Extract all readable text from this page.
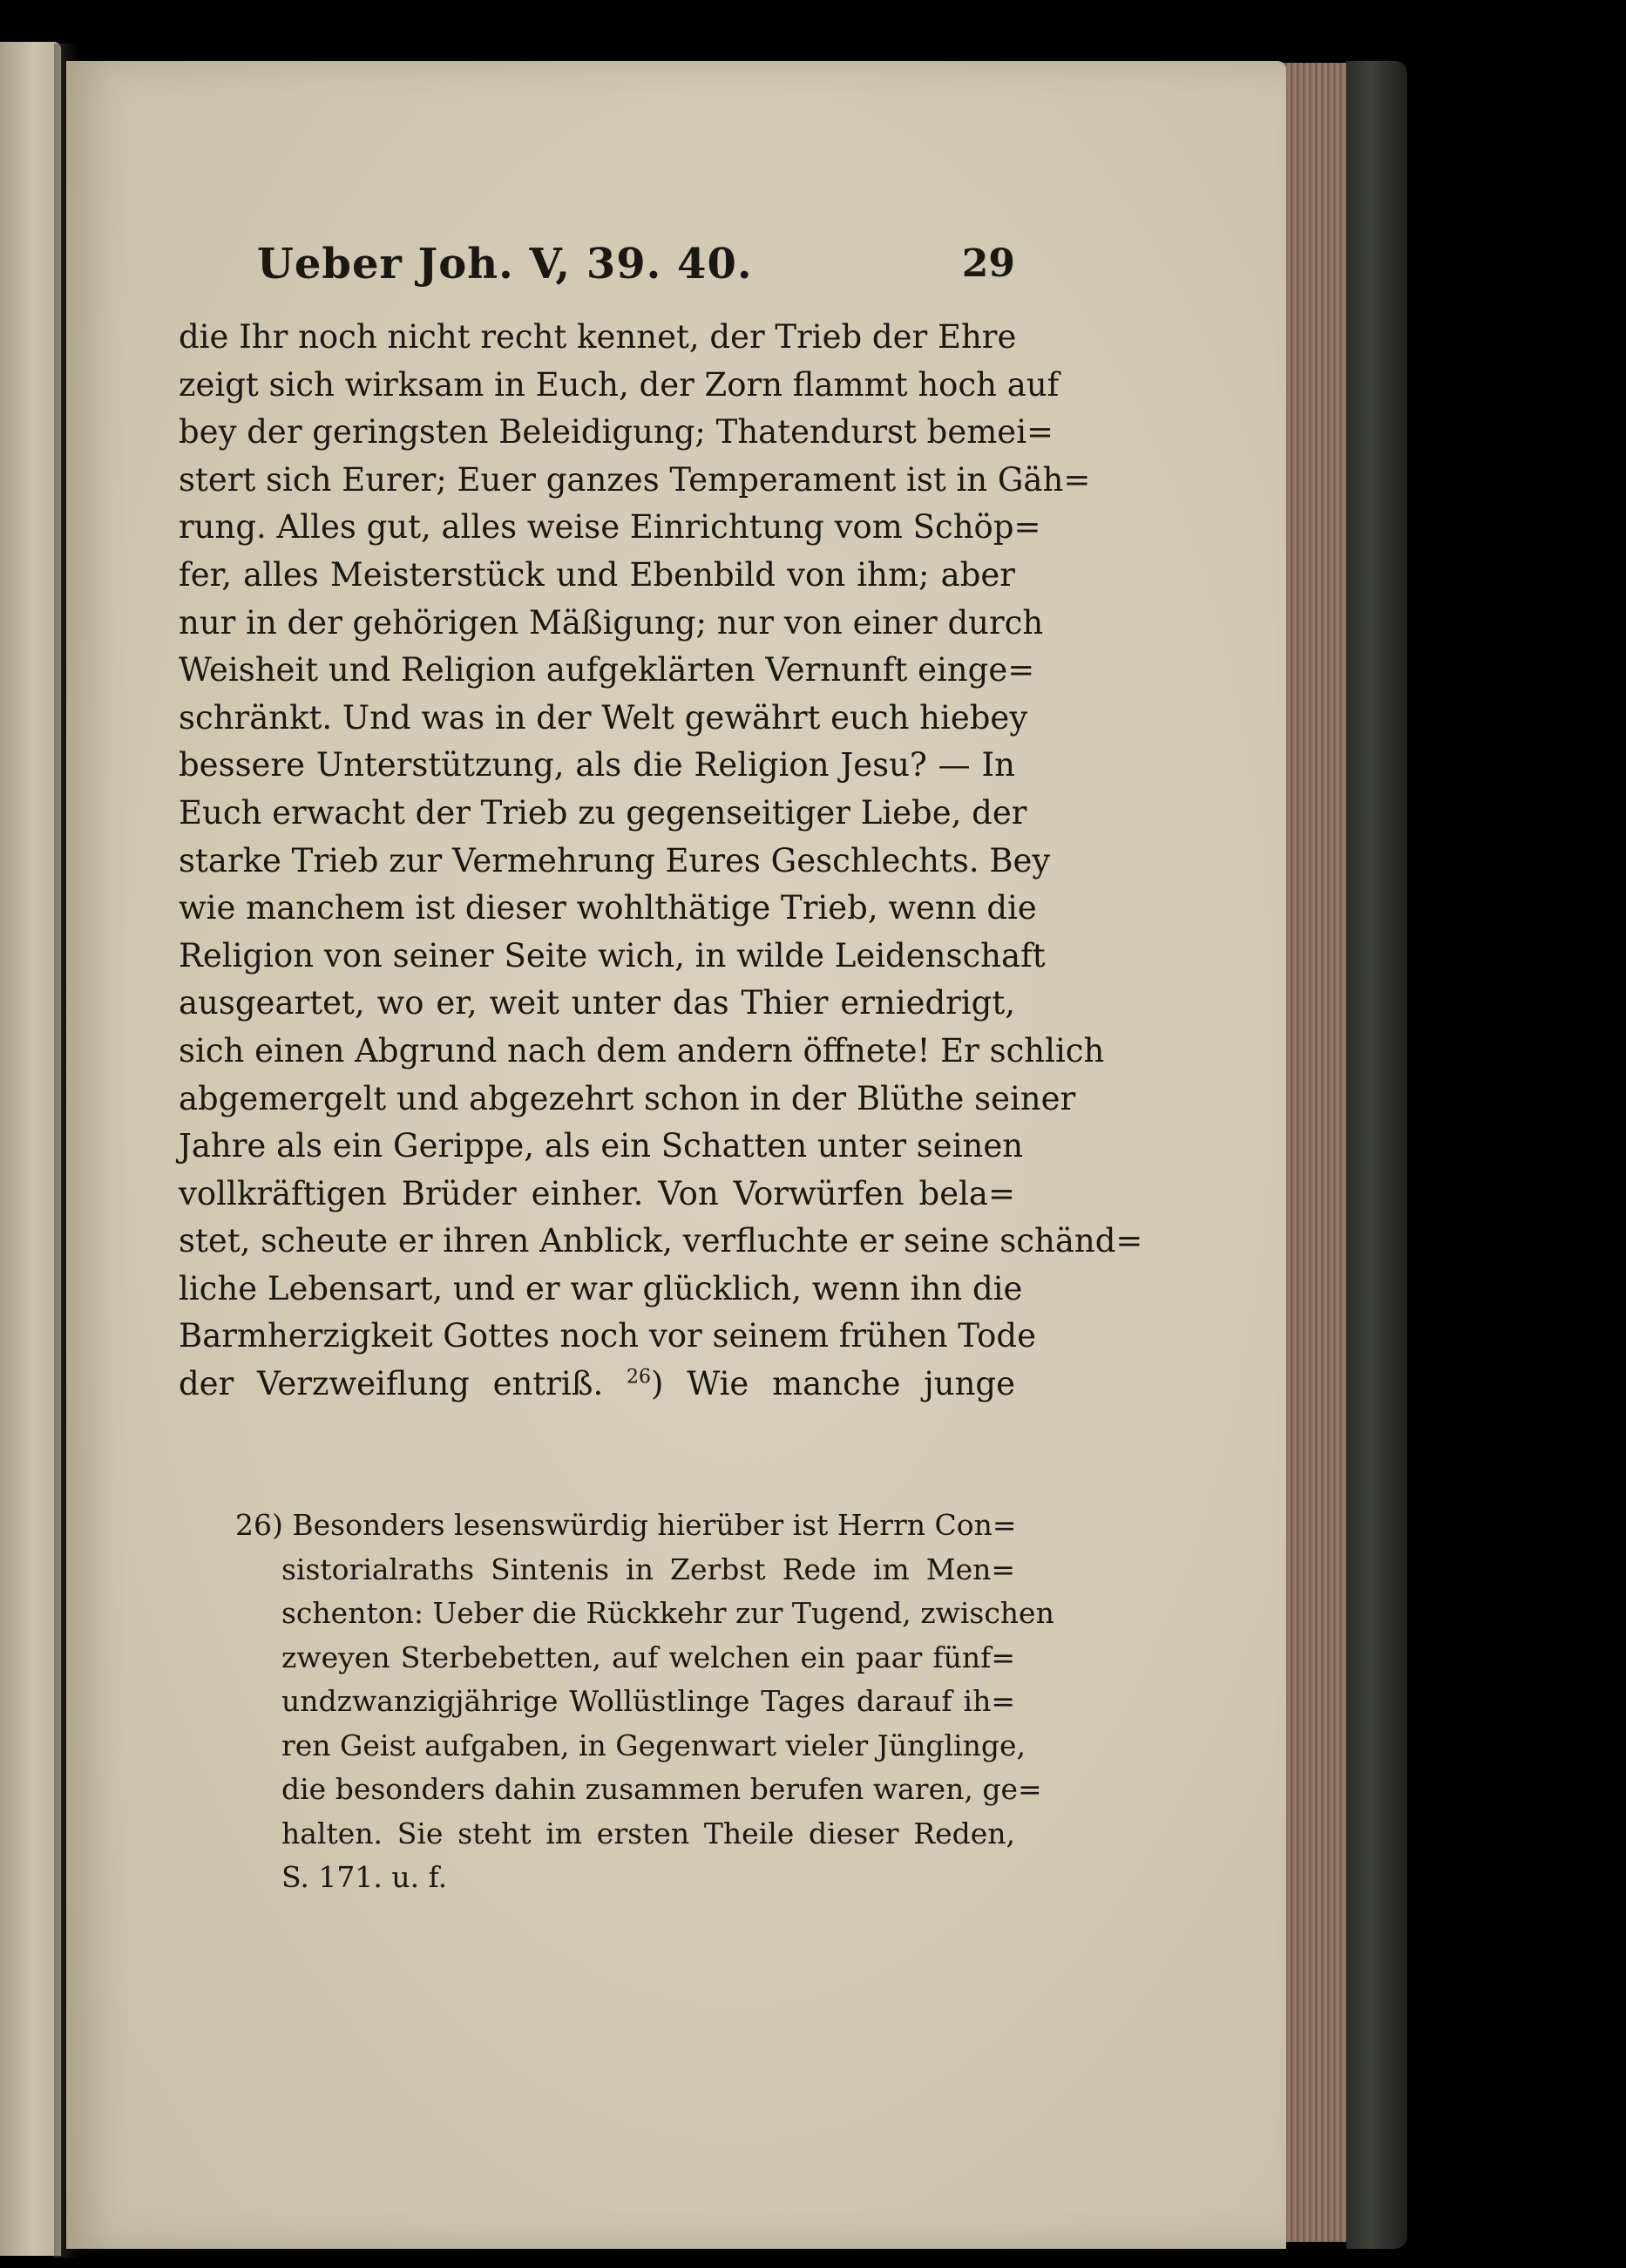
Ueber Joh. V, 39. 40.	29
die Ihr noch nicht recht kennet, der Trieb der Ehre
zeigt sich wirksam in Euch, der Zorn flammt hoch auf
bey der geringsten Beleidigung; Thatendurst bemei=
stert sich Eurer; Euer ganzes Temperament ist in Gäh=
rung. Alles gut, alles weise Einrichtung vom Schöp=
fer, alles Meisterstück und Ebenbild von ihm; aber
nur in der gehörigen Mäßigung; nur von einer durch
Weisheit und Religion aufgeklärten Vernunft einge=
schränkt. Und was in der Welt gewährt euch hiebey
bessere Unterstützung, als die Religion Jesu? — In
Euch erwacht der Trieb zu gegenseitiger Liebe, der
starke Trieb zur Vermehrung Eures Geschlechts. Bey
wie manchem ist dieser wohlthätige Trieb, wenn die
Religion von seiner Seite wich, in wilde Leidenschaft
ausgeartet, wo er, weit unter das Thier erniedrigt,
sich einen Abgrund nach dem andern öffnete! Er schlich
abgemergelt und abgezehrt schon in der Blüthe seiner
Jahre als ein Gerippe, als ein Schatten unter seinen
vollkräftigen Brüder einher. Von Vorwürfen bela=
stet, scheute er ihren Anblick, verfluchte er seine schänd=
liche Lebensart, und er war glücklich, wenn ihn die
Barmherzigkeit Gottes noch vor seinem frühen Tode
der Verzweiflung entriß. $^{26}$) Wie manche junge
26) Besonders lesenswürdig hierüber ist Herrn Con=
sistorialraths Sintenis in Zerbst Rede im Men=
schenton: Ueber die Rückkehr zur Tugend, zwischen
zweyen Sterbebetten, auf welchen ein paar fünf=
undzwanzigjährige Wollüstlinge Tages darauf ih=
ren Geist aufgaben, in Gegenwart vieler Jünglinge,
die besonders dahin zusammen berufen waren, ge=
halten. Sie steht im ersten Theile dieser Reden,
S. 171. u. f.
